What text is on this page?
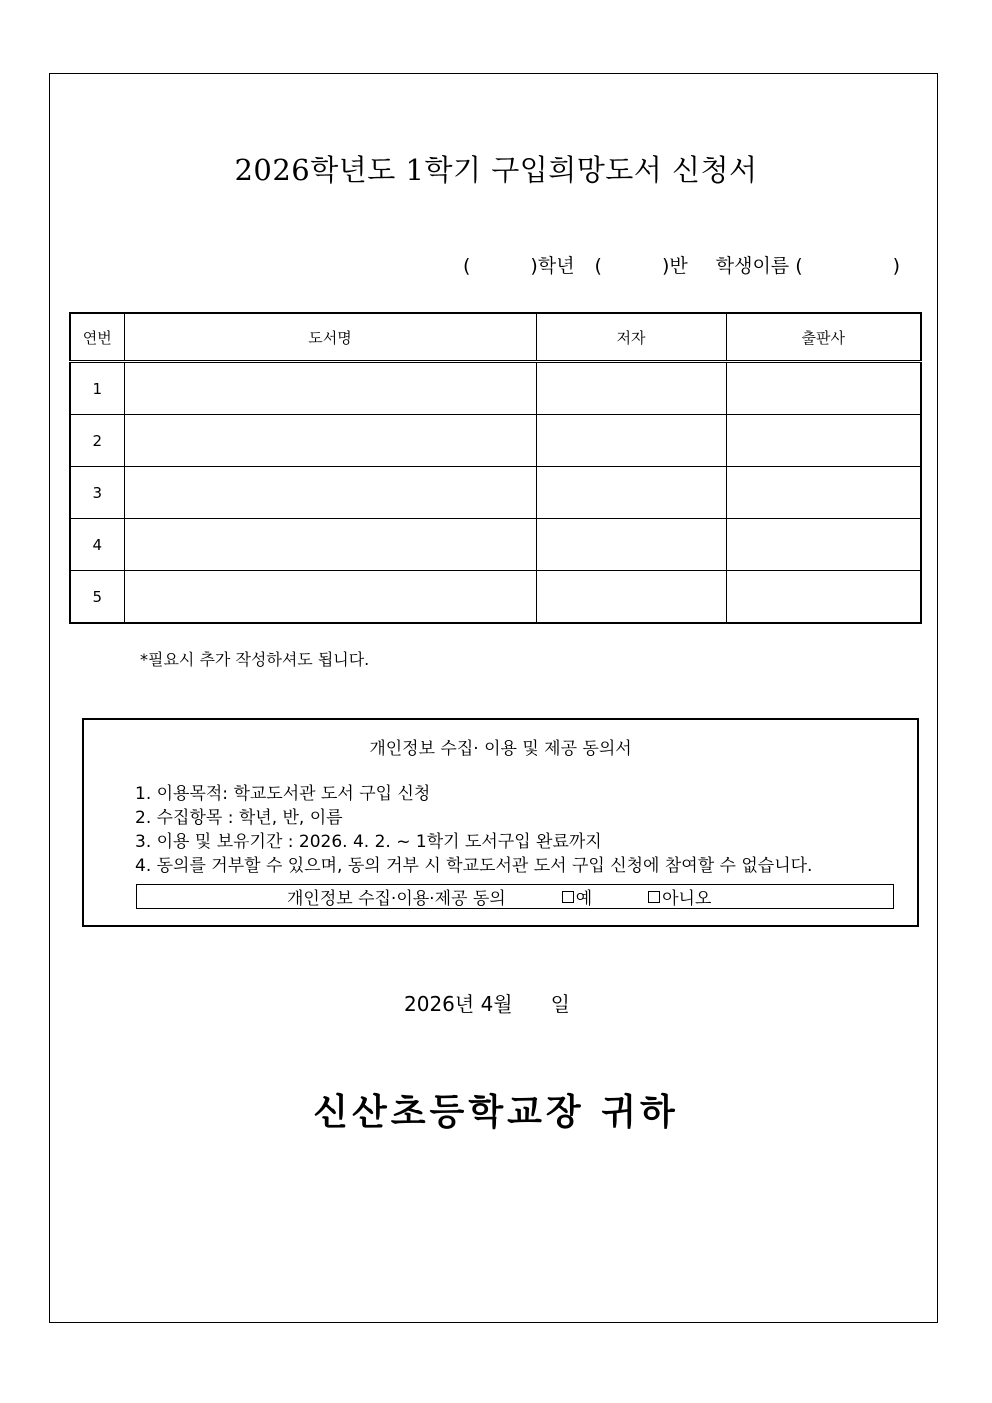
2026학년도 1학기 구입희망도서 신청서
(	)학년 (	)반 학생이름 (	)
연번	도서명	저자	출판사
1			
2			
3			
4			
5			
*필요시 추가 작성하셔도 됩니다.
개인정보 수집· 이용 및 제공 동의서
1. 이용목적: 학교도서관 도서 구입 신청
2. 수집항목 : 학년, 반, 이름
3. 이용 및 보유기간 : 2026. 4. 2. ~ 1학기 도서구입 완료까지
4. 동의를 거부할 수 있으며, 동의 거부 시 학교도서관 도서 구입 신청에 참여할 수 없습니다.
개인정보 수집·이용·제공 동의	예	아니오
2026년 4월 일
신산초등학교장 귀하
